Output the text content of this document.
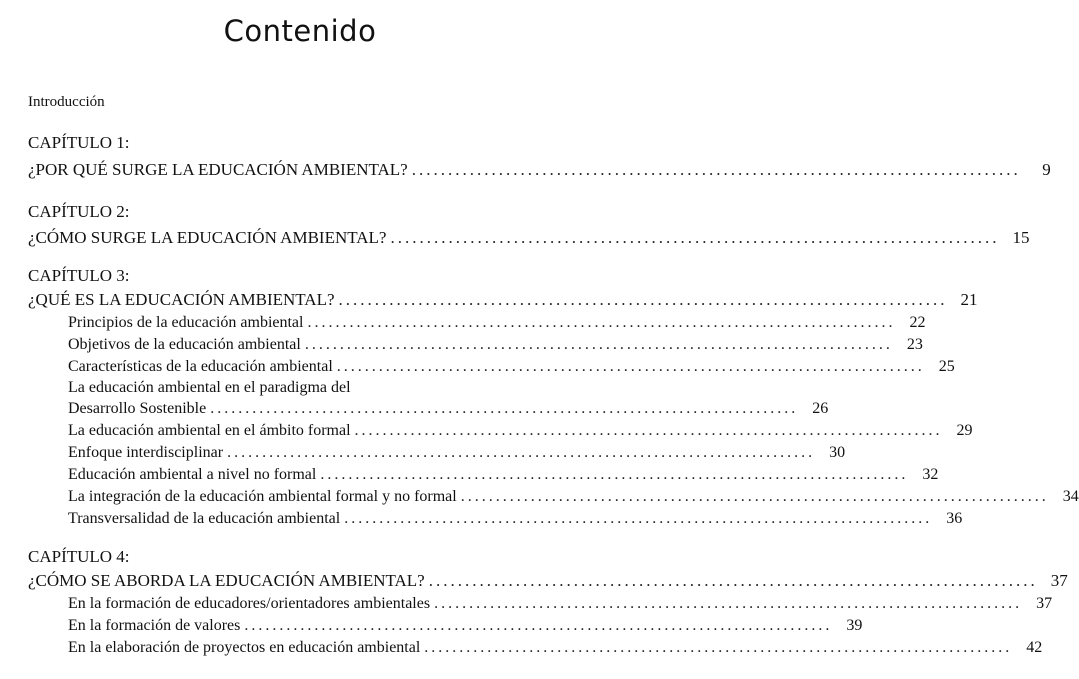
Contenido
Introducción
CAPÍTULO 1:
¿POR QUÉ SURGE LA EDUCACIÓN AMBIENTAL? ....................................................................................	9
CAPÍTULO 2:
¿CÓMO SURGE LA EDUCACIÓN AMBIENTAL? .................................................................................... 15
CAPÍTULO 3:
¿QUÉ ES LA EDUCACIÓN AMBIENTAL? .................................................................................... 21
Principios de la educación ambiental .................................................................................... 22
Objetivos de la educación ambiental .................................................................................... 23
Características de la educación ambiental .................................................................................... 25
La educación ambiental en el paradigma del
Desarrollo Sostenible .................................................................................... 26
La educación ambiental en el ámbito formal .................................................................................... 29
Enfoque interdisciplinar .................................................................................... 30
Educación ambiental a nivel no formal .................................................................................... 32
La integración de la educación ambiental formal y no formal .................................................................................... 34
Transversalidad de la educación ambiental .................................................................................... 36
CAPÍTULO 4:
¿CÓMO SE ABORDA LA EDUCACIÓN AMBIENTAL? .................................................................................... 37
En la formación de educadores/orientadores ambientales .................................................................................... 37
En la formación de valores .................................................................................... 39
En la elaboración de proyectos en educación ambiental .................................................................................... 42
